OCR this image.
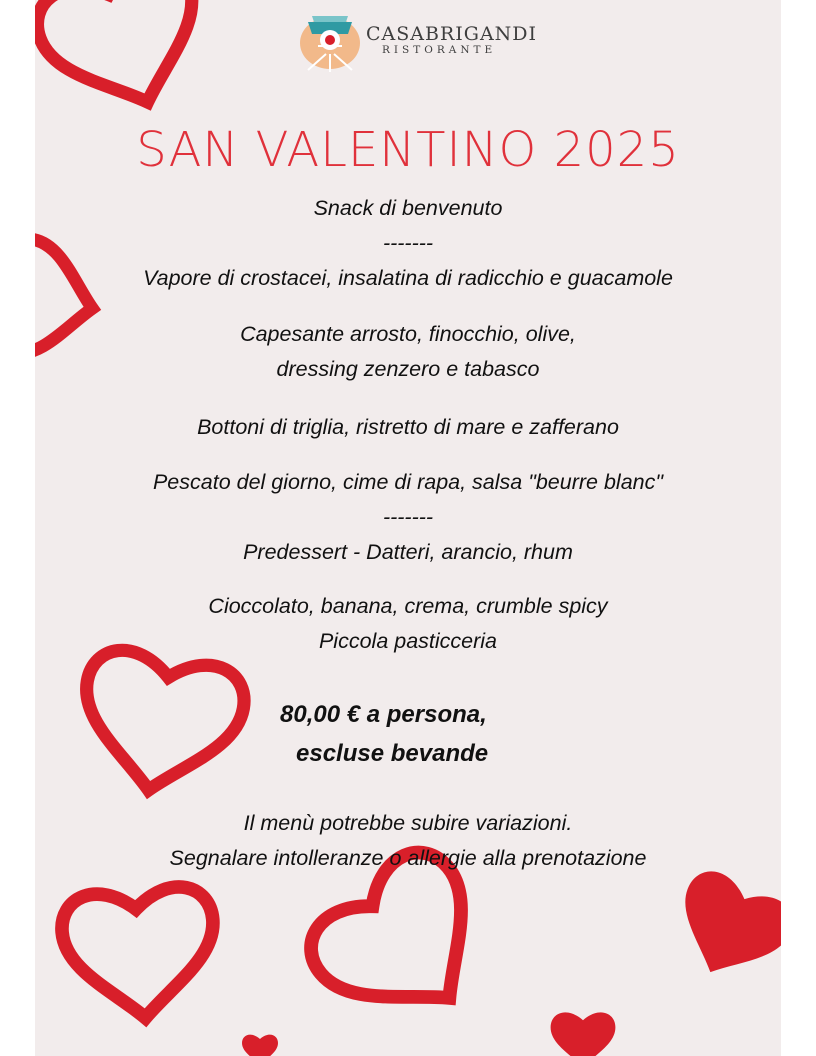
CASABRIGANDI
RISTORANTE
SAN VALENTINO 2025
Snack di benvenuto
-------
Vapore di crostacei, insalatina di radicchio e guacamole
Capesante arrosto, finocchio, olive,
dressing zenzero e tabasco
Bottoni di triglia, ristretto di mare e zafferano
Pescato del giorno, cime di rapa, salsa "beurre blanc"
-------
Predessert - Datteri, arancio, rhum
Cioccolato, banana, crema, crumble spicy
Piccola pasticceria
80,00 € a persona,
escluse bevande
Il menù potrebbe subire variazioni.
Segnalare intolleranze o allergie alla prenotazione
